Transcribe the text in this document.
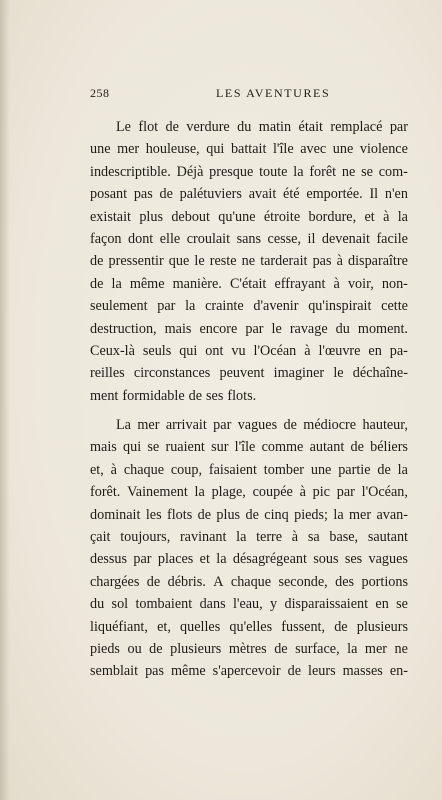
258	LES AVENTURES
Le flot de verdure du matin était remplacé par
une mer houleuse, qui battait l'île avec une violence
indescriptible. Déjà presque toute la forêt ne se com-
posant pas de palétuviers avait été emportée. Il n'en
existait plus debout qu'une étroite bordure, et à la
façon dont elle croulait sans cesse, il devenait facile
de pressentir que le reste ne tarderait pas à disparaître
de la même manière. C'était effrayant à voir, non-
seulement par la crainte d'avenir qu'inspirait cette
destruction, mais encore par le ravage du moment.
Ceux-là seuls qui ont vu l'Océan à l'œuvre en pa-
reilles circonstances peuvent imaginer le déchaîne-
ment formidable de ses flots.
La mer arrivait par vagues de médiocre hauteur,
mais qui se ruaient sur l'île comme autant de béliers
et, à chaque coup, faisaient tomber une partie de la
forêt. Vainement la plage, coupée à pic par l'Océan,
dominait les flots de plus de cinq pieds; la mer avan-
çait toujours, ravinant la terre à sa base, sautant
dessus par places et la désagrégeant sous ses vagues
chargées de débris. A chaque seconde, des portions
du sol tombaient dans l'eau, y disparaissaient en se
liquéfiant, et, quelles qu'elles fussent, de plusieurs
pieds ou de plusieurs mètres de surface, la mer ne
semblait pas même s'apercevoir de leurs masses en-
